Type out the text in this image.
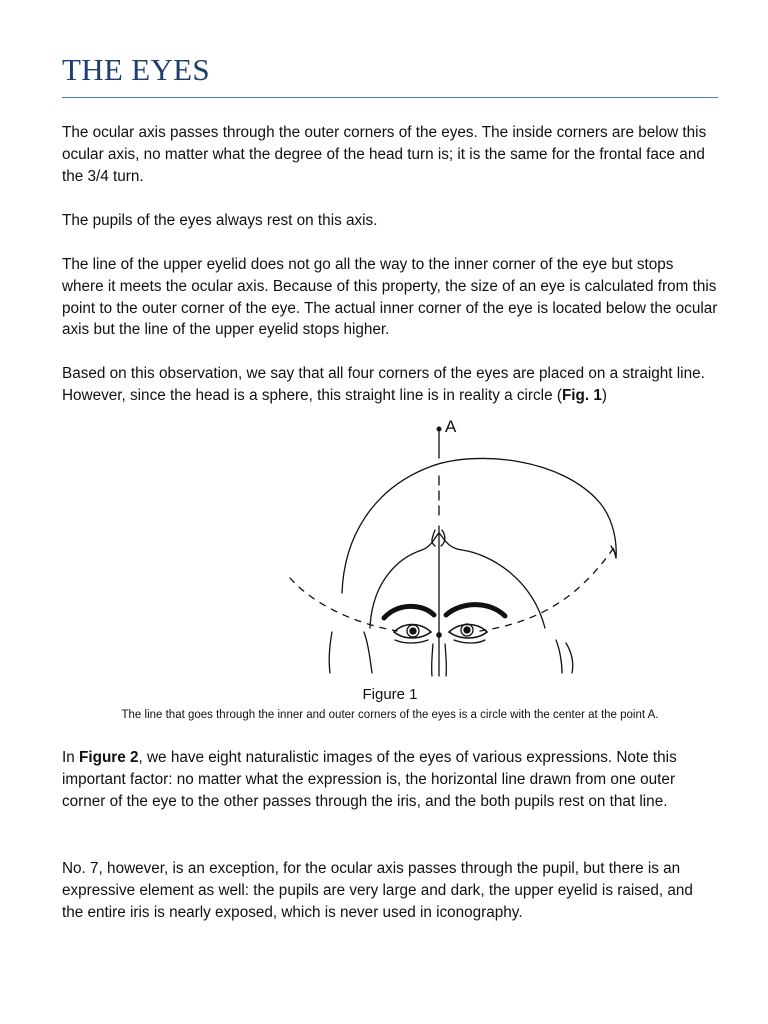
THE EYES

The ocular axis passes through the outer corners of the eyes. The inside corners are below this ocular axis, no matter what the degree of the head turn is; it is the same for the frontal face and the 3/4 turn.

The pupils of the eyes always rest on this axis.

The line of the upper eyelid does not go all the way to the inner corner of the eye but stops where it meets the ocular axis. Because of this property, the size of an eye is calculated from this point to the outer corner of the eye. The actual inner corner of the eye is located below the ocular axis but the line of the upper eyelid stops higher.

Based on this observation, we say that all four corners of the eyes are placed on a straight line. However, since the head is a sphere, this straight line is in reality a circle (Fig. 1)

A

Figure 1

The line that goes through the inner and outer corners of the eyes is a circle with the center at the point A.

In Figure 2, we have eight naturalistic images of the eyes of various expressions. Note this important factor: no matter what the expression is, the horizontal line drawn from one outer corner of the eye to the other passes through the iris, and the both pupils rest on that line.

No. 7, however, is an exception, for the ocular axis passes through the pupil, but there is an expressive element as well: the pupils are very large and dark, the upper eyelid is raised, and the entire iris is nearly exposed, which is never used in iconography.
